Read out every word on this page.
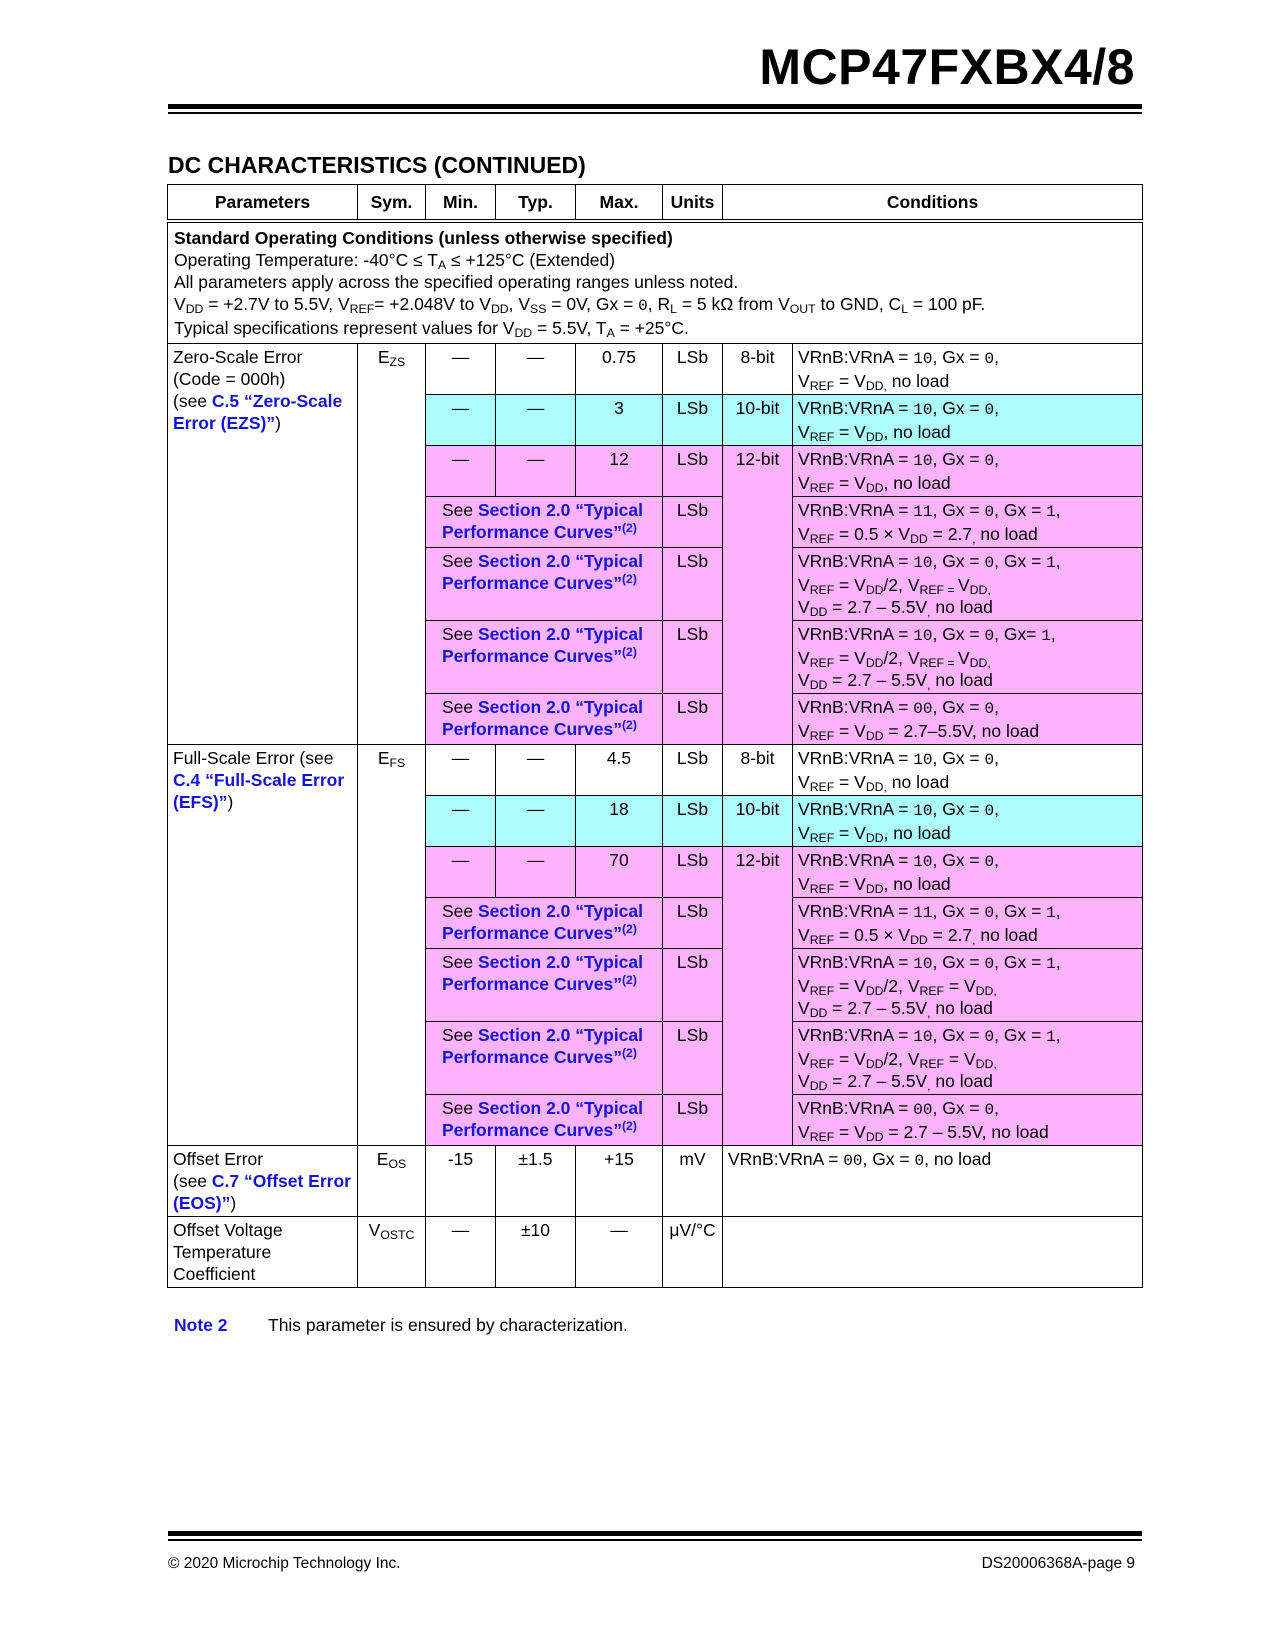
MCP47FXBX4/8
DC CHARACTERISTICS (CONTINUED)
Standard Operating Conditions (unless otherwise specified)
Operating Temperature: $-40^\circ C \le T_A \le +125^\circ C$ (Extended)
All parameters apply across the specified operating ranges unless noted.
$V_{DD} = +2.7V$ to 5.5V, $V_{REF}= +2.048V$ to $V_{DD}$, $V_{SS} = 0V$, Gx = 0, $R_L = 5$ kΩ from $V_{OUT}$ to GND, $C_L = 100$ pF.
Typical specifications represent values for $V_{DD} = 5.5V$, $T_A = +25^\circ C$.							

Parameters	Sym.	Min.	Typ.	Max.	Units	Conditions	
Zero-Scale Error
(Code = 000h)
(see C.5 “Zero-Scale Error (EZS)”)	$E_{ZS}$	—	—	0.75	LSb	8-bit	VRnB:VRnA = 10, Gx = 0,
$V_{REF} = V_{DD,}$ no load
		—	—	3	LSb	10-bit	VRnB:VRnA = 10, Gx = 0,
$V_{REF} = V_{DD}$, no load
		—	—	12	LSb	12-bit	VRnB:VRnA = 10, Gx = 0,
$V_{REF} = V_{DD}$, no load
		See Section 2.0 “Typical Performance Curves”$^{(2)}$			LSb		VRnB:VRnA = 11, Gx = 0, Gx = 1,
$V_{REF} = 0.5 \times V_{DD} = 2.7_,$ no load
		See Section 2.0 “Typical Performance Curves”$^{(2)}$			LSb		VRnB:VRnA = 10, Gx = 0, Gx = 1,
$V_{REF} = V_{DD}/2$, $V_{REF =}$ $V_{DD,}$
$V_{DD} = 2.7 - 5.5V_,$ no load
		See Section 2.0 “Typical Performance Curves”$^{(2)}$			LSb		VRnB:VRnA = 10, Gx = 0, Gx= 1,
$V_{REF} = V_{DD}/2$, $V_{REF =}$ $V_{DD,}$
$V_{DD} = 2.7 - 5.5V_,$ no load
		See Section 2.0 “Typical Performance Curves”$^{(2)}$			LSb		VRnB:VRnA = 00, Gx = 0,
$V_{REF} = V_{DD} = 2.7-5.5V$, no load
Full-Scale Error (see C.4 “Full-Scale Error (EFS)”)	$E_{FS}$	—	—	4.5	LSb	8-bit	VRnB:VRnA = 10, Gx = 0,
$V_{REF} = V_{DD,}$ no load
		—	—	18	LSb	10-bit	VRnB:VRnA = 10, Gx = 0,
$V_{REF} = V_{DD}$, no load
		—	—	70	LSb	12-bit	VRnB:VRnA = 10, Gx = 0,
$V_{REF} = V_{DD}$, no load
		See Section 2.0 “Typical Performance Curves”$^{(2)}$			LSb		VRnB:VRnA = 11, Gx = 0, Gx = 1,
$V_{REF} = 0.5 \times V_{DD} = 2.7_,$ no load
		See Section 2.0 “Typical Performance Curves”$^{(2)}$			LSb		VRnB:VRnA = 10, Gx = 0, Gx = 1,
$V_{REF} = V_{DD}/2$, $V_{REF} = V_{DD,}$
$V_{DD} = 2.7 - 5.5V_,$ no load
		See Section 2.0 “Typical Performance Curves”$^{(2)}$			LSb		VRnB:VRnA = 10, Gx = 0, Gx = 1,
$V_{REF} = V_{DD}/2$, $V_{REF} = V_{DD,}$
$V_{DD} = 2.7 - 5.5V_,$ no load
		See Section 2.0 “Typical Performance Curves”$^{(2)}$			LSb		VRnB:VRnA = 00, Gx = 0,
$V_{REF} = V_{DD} = 2.7 - 5.5V$, no load
Offset Error
(see C.7 “Offset Error (EOS)”)	$E_{OS}$	-15	±1.5	+15	mV	VRnB:VRnA = 00, Gx = 0, no load	
Offset Voltage Temperature Coefficient	$V_{OSTC}$	—	±10	—	μV/°C		
Note 2 This parameter is ensured by characterization.
© 2020 Microchip Technology Inc.	DS20006368A-page 9
